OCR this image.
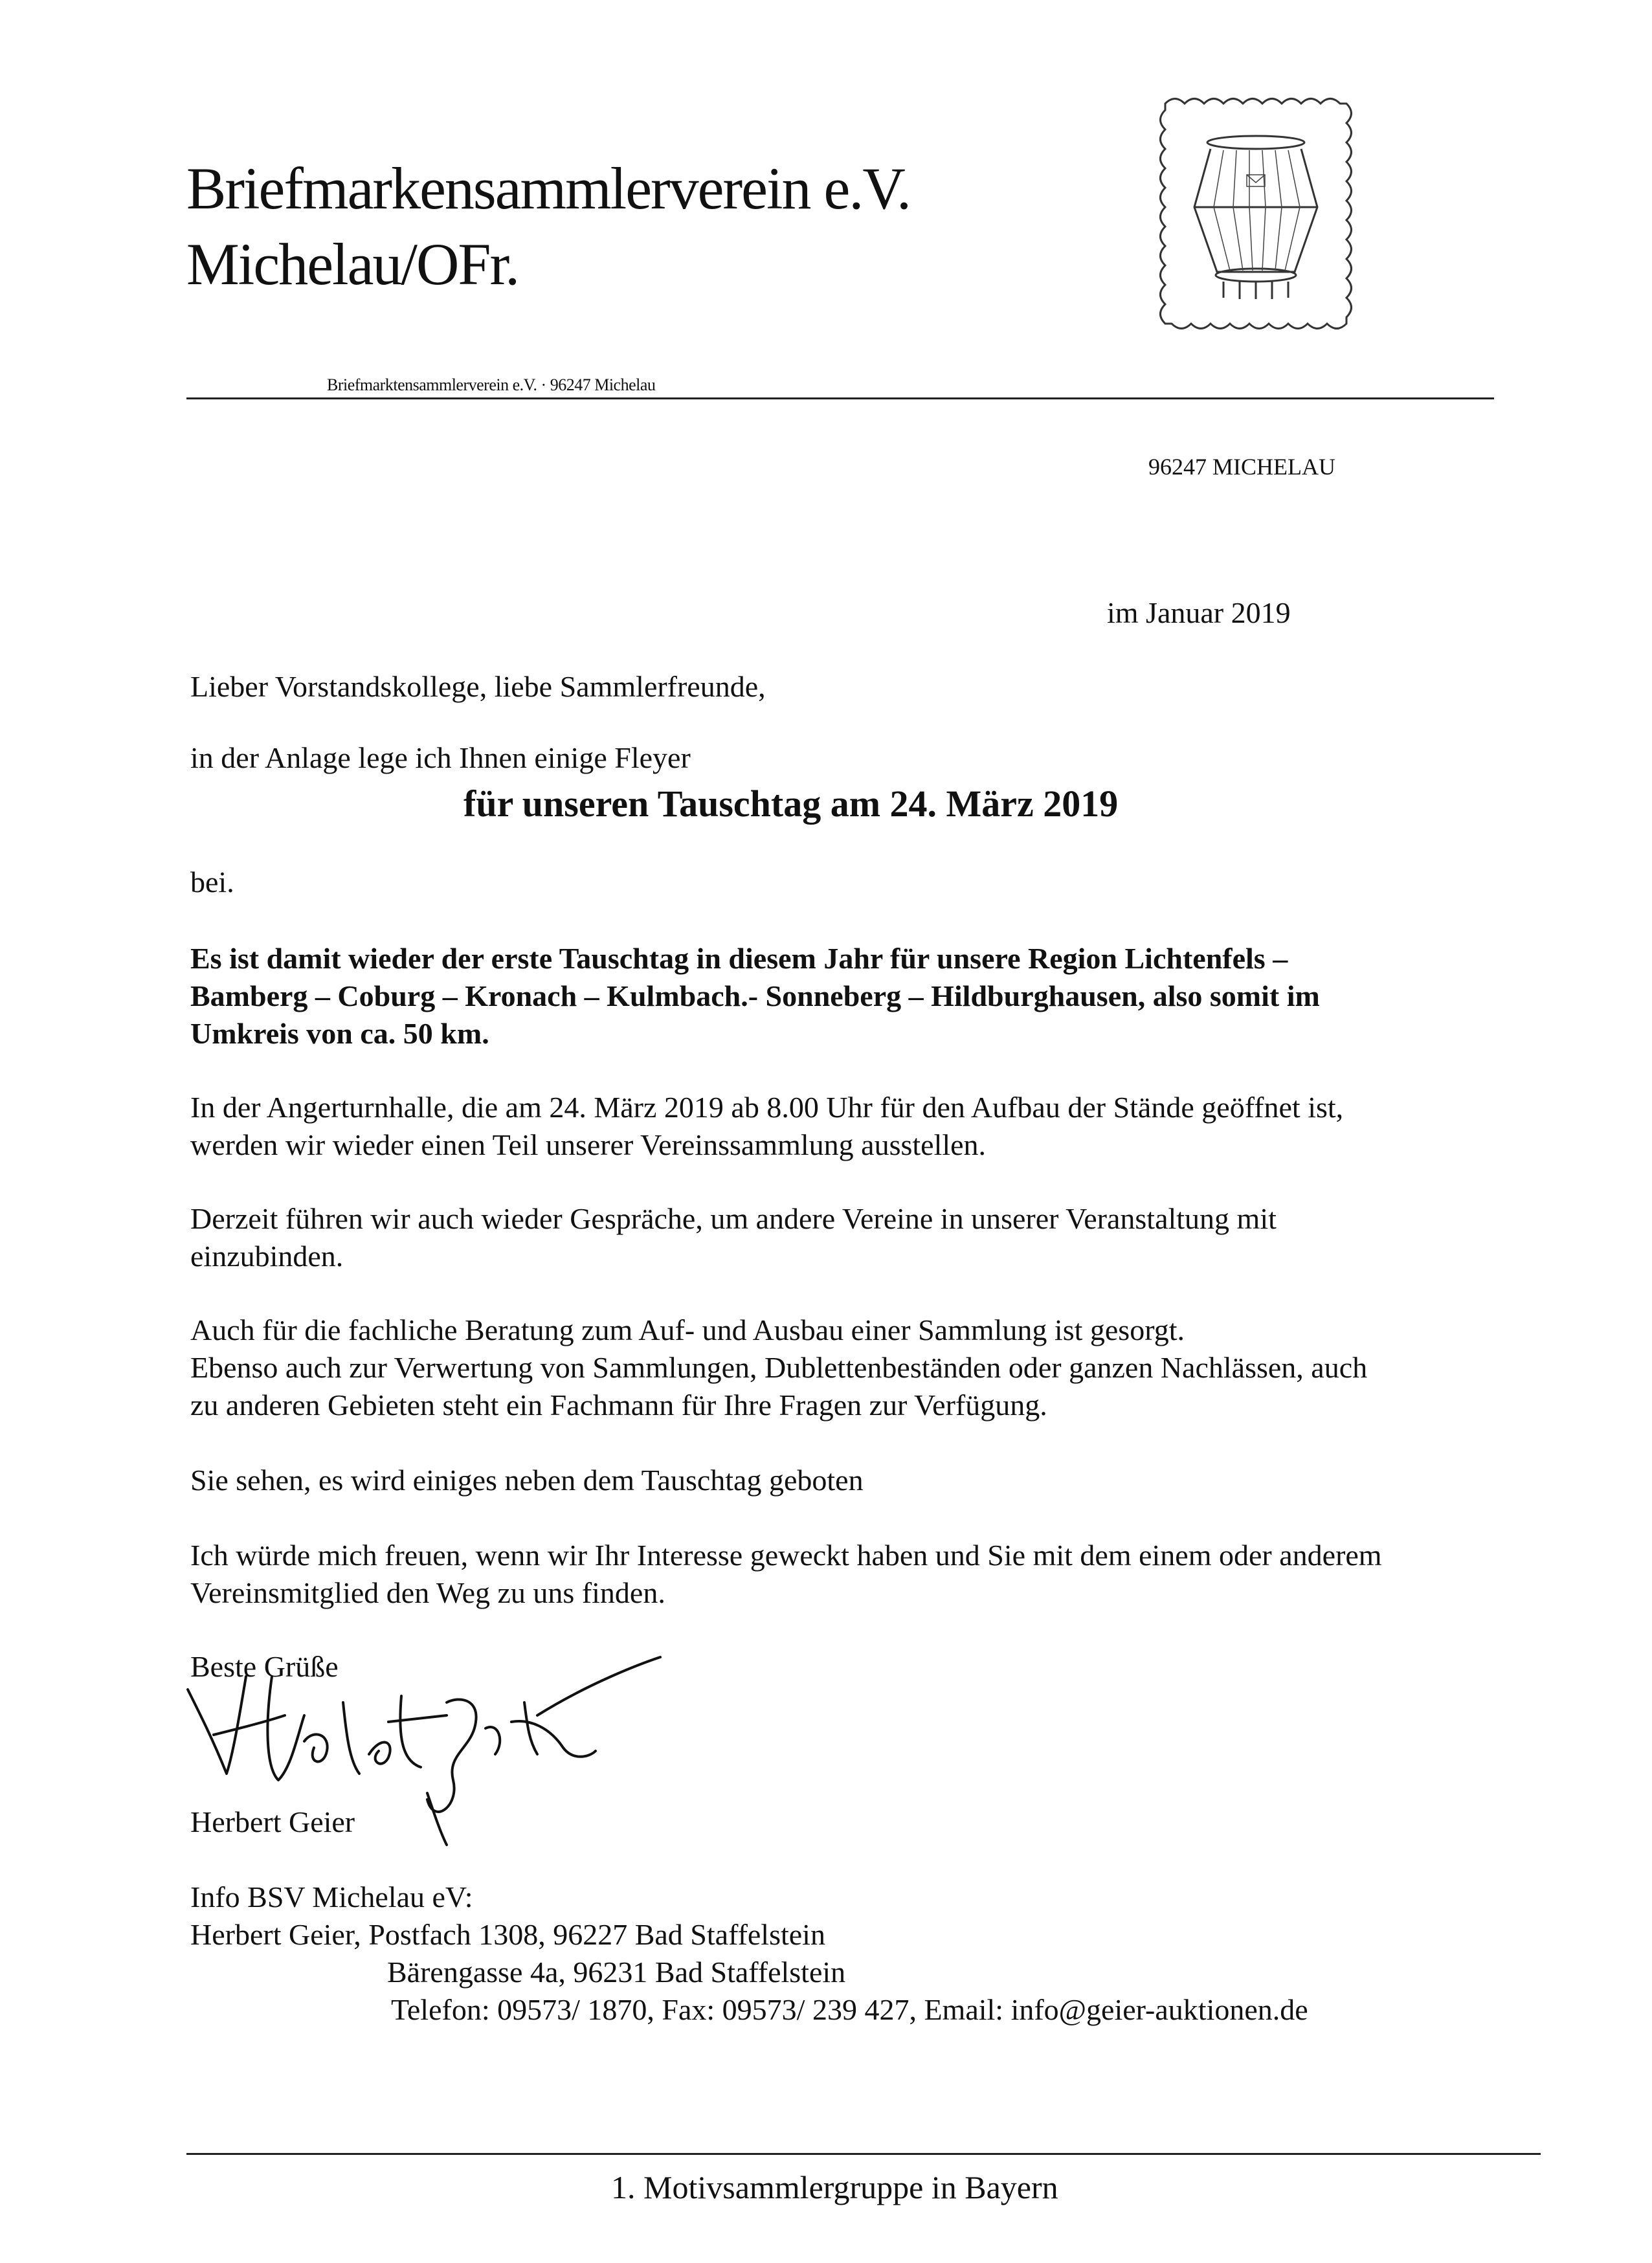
Briefmarkensammlerverein e.V.
Michelau/OFr.
Briefmarktensammlerverein e.V. · 96247 Michelau
96247 MICHELAU
im Januar 2019
Lieber Vorstandskollege, liebe Sammlerfreunde,
in der Anlage lege ich Ihnen einige Fleyer
für unseren Tauschtag am 24. März 2019
bei.
Es ist damit wieder der erste Tauschtag in diesem Jahr für unsere Region Lichtenfels –
Bamberg – Coburg – Kronach – Kulmbach.- Sonneberg – Hildburghausen, also somit im
Umkreis von ca. 50 km.
In der Angerturnhalle, die am 24. März 2019 ab 8.00 Uhr für den Aufbau der Stände geöffnet ist,
werden wir wieder einen Teil unserer Vereinssammlung ausstellen.
Derzeit führen wir auch wieder Gespräche, um andere Vereine in unserer Veranstaltung mit
einzubinden.
Auch für die fachliche Beratung zum Auf- und Ausbau einer Sammlung ist gesorgt.
Ebenso auch zur Verwertung von Sammlungen, Dublettenbeständen oder ganzen Nachlässen, auch
zu anderen Gebieten steht ein Fachmann für Ihre Fragen zur Verfügung.
Sie sehen, es wird einiges neben dem Tauschtag geboten
Ich würde mich freuen, wenn wir Ihr Interesse geweckt haben und Sie mit dem einem oder anderem
Vereinsmitglied den Weg zu uns finden.
Beste Grüße
Herbert Geier
Info BSV Michelau eV:
Herbert Geier, Postfach 1308, 96227 Bad Staffelstein
Bärengasse 4a, 96231 Bad Staffelstein
Telefon: 09573/ 1870, Fax: 09573/ 239 427, Email: info@geier-auktionen.de
1. Motivsammlergruppe in Bayern
